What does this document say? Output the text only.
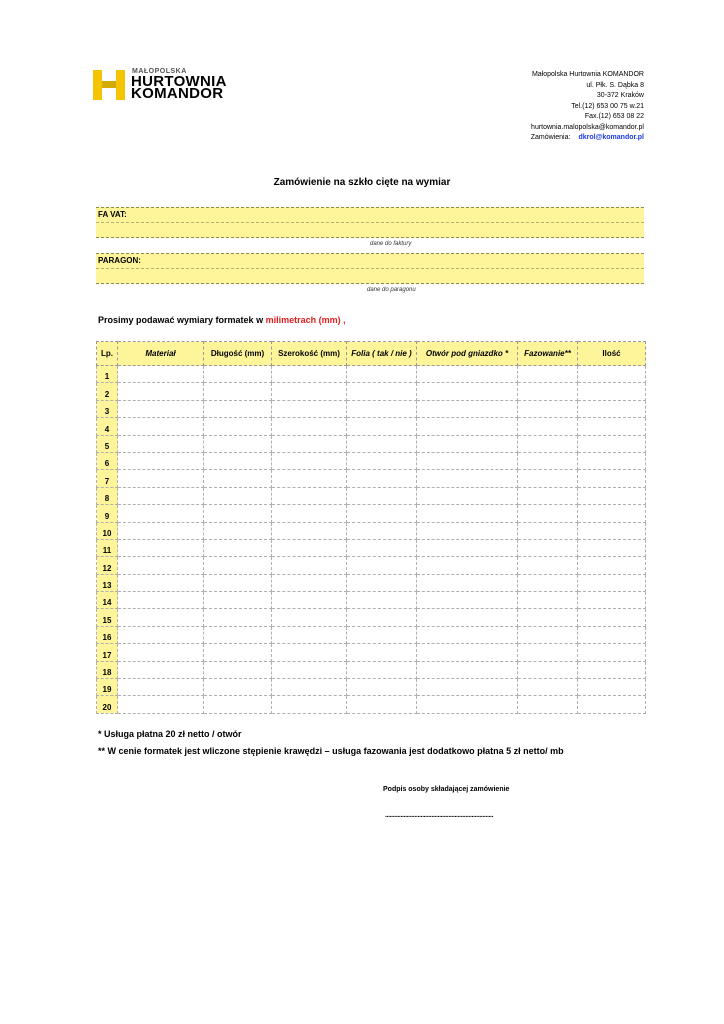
MAŁOPOLSKA
HURTOWNIA
KOMANDOR
Małopolska Hurtownia KOMANDOR
ul. Płk. S. Dąbka 8
30-372 Kraków
Tel.(12) 653 00 75 w.21
Fax.(12) 653 08 22
hurtownia.malopolska@komandor.pl
Zamówienia: dkrol@komandor.pl
Zamówienie na szkło cięte na wymiar
FA VAT:
dane do faktury
PARAGON:
dane do paragonu
Prosimy podawać wymiary formatek w milimetrach (mm) ,
Lp.	Materiał	Długość (mm)	Szerokość (mm)	Folia ( tak / nie )	Otwór pod gniazdko *	Fazowanie**	Ilość
1							
2							
3							
4							
5							
6							
7							
8							
9							
10							
11							
12							
13							
14							
15							
16							
17							
18							
19							
20							
* Usługa płatna 20 zł netto / otwór
** W cenie formatek jest wliczone stępienie krawędzi – usługa fazowania jest dodatkowo płatna 5 zł netto/ mb
Podpis osoby składającej zamówienie
......................................................................
